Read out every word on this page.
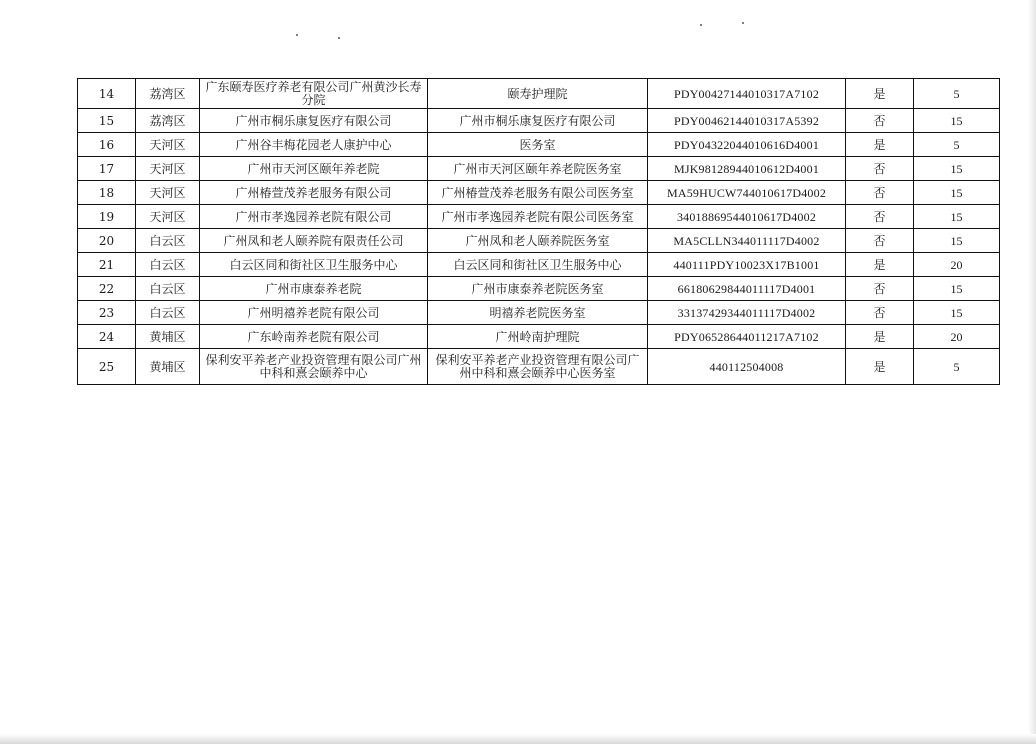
14	荔湾区	广东颐寿医疗养老有限公司广州黄沙长寿分院	颐寿护理院	PDY00427144010317A7102	是	5
15	荔湾区	广州市桐乐康复医疗有限公司	广州市桐乐康复医疗有限公司	PDY00462144010317A5392	否	15
16	天河区	广州谷丰梅花园老人康护中心	医务室	PDY04322044010616D4001	是	5
17	天河区	广州市天河区颐年养老院	广州市天河区颐年养老院医务室	MJK98128944010612D4001	否	15
18	天河区	广州椿萱茂养老服务有限公司	广州椿萱茂养老服务有限公司医务室	MA59HUCW744010617D4002	否	15
19	天河区	广州市孝逸园养老院有限公司	广州市孝逸园养老院有限公司医务室	34018869544010617D4002	否	15
20	白云区	广州凤和老人颐养院有限责任公司	广州凤和老人颐养院医务室	MA5CLLN344011117D4002	否	15
21	白云区	白云区同和街社区卫生服务中心	白云区同和街社区卫生服务中心	440111PDY10023X17B1001	是	20
22	白云区	广州市康泰养老院	广州市康泰养老院医务室	66180629844011117D4001	否	15
23	白云区	广州明禧养老院有限公司	明禧养老院医务室	33137429344011117D4002	否	15
24	黄埔区	广东岭南养老院有限公司	广州岭南护理院	PDY06528644011217A7102	是	20
25	黄埔区	保利安平养老产业投资管理有限公司广州中科和熹会颐养中心	保利安平养老产业投资管理有限公司广州中科和熹会颐养中心医务室	440112504008	是	5
